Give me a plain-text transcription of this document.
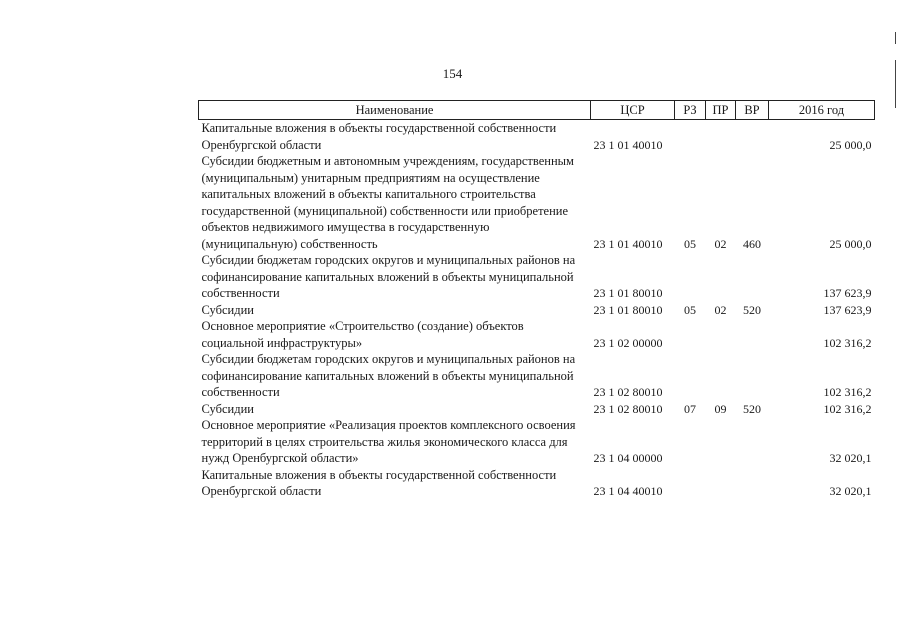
154
Наименование	ЦСР	РЗ	ПР	ВР	2016 год
Капитальные вложения в объекты государственной собственности Оренбургской области	23 1 01 40010				25 000,0
Субсидии бюджетным и автономным учреждениям, государственным (муниципальным) унитарным предприятиям на осуществление капитальных вложений в объекты капитального строительства государственной (муниципальной) собственности или приобретение объектов недвижимого имущества в государственную (муниципальную) собственность	23 1 01 40010	05	02	460	25 000,0
Субсидии бюджетам городских округов и муниципальных районов на софинансирование капитальных вложений в объекты муниципальной собственности	23 1 01 80010				137 623,9
Субсидии	23 1 01 80010	05	02	520	137 623,9
Основное мероприятие «Строительство (создание) объектов социальной инфраструктуры»	23 1 02 00000				102 316,2
Субсидии бюджетам городских округов и муниципальных районов на софинансирование капитальных вложений в объекты муниципальной собственности	23 1 02 80010				102 316,2
Субсидии	23 1 02 80010	07	09	520	102 316,2
Основное мероприятие «Реализация проектов комплексного освоения территорий в целях строительства жилья экономического класса для нужд Оренбургской области»	23 1 04 00000				32 020,1
Капитальные вложения в объекты государственной собственности Оренбургской области	23 1 04 40010				32 020,1
